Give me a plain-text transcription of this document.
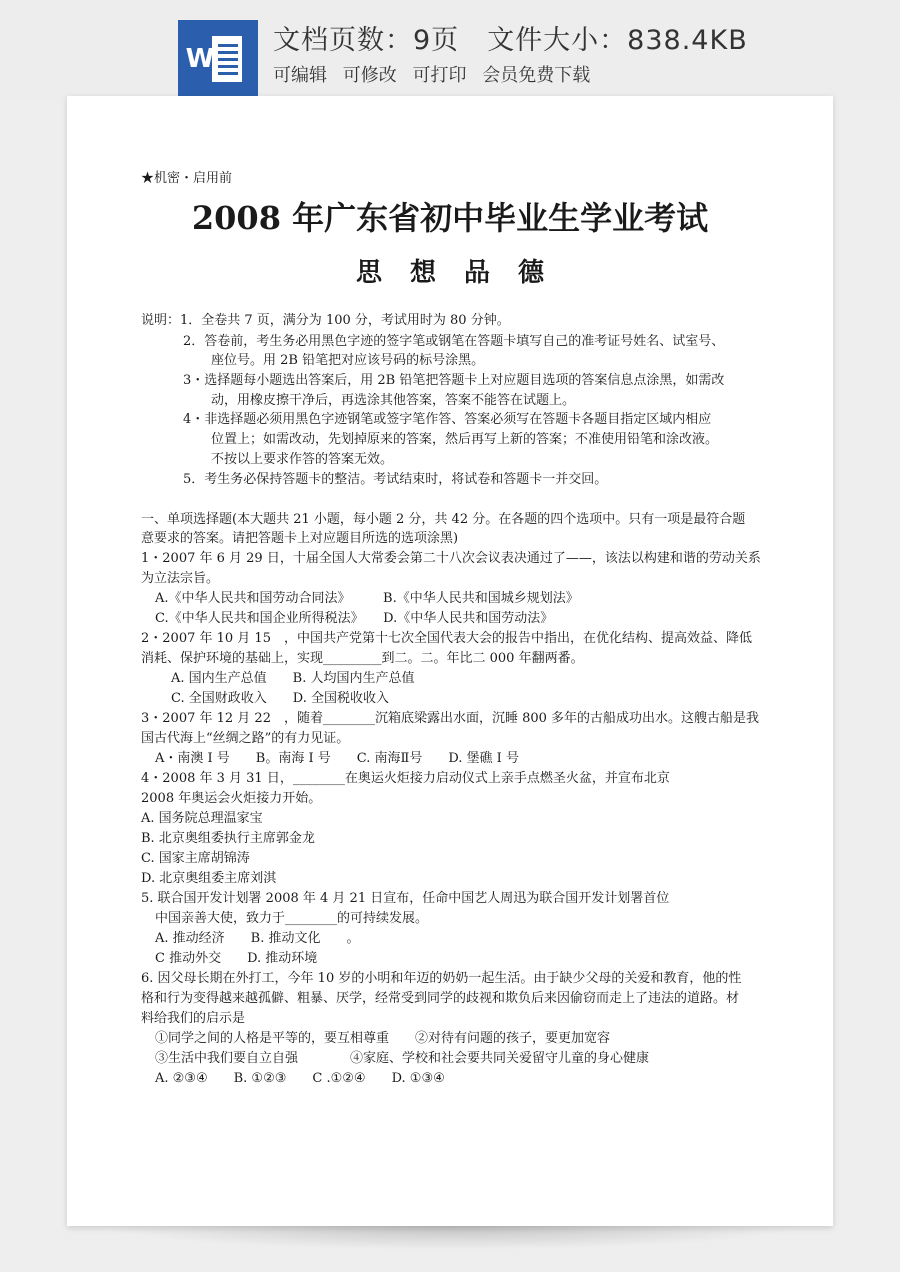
W
文档页数：9页 文件大小：838.4KB
可编辑 可修改 可打印 会员免费下载
★机密・启用前
2008 年广东省初中毕业生学业考试
思想品德
说明：1．全卷共 7 页，满分为 100 分，考试用时为 80 分钟。
2．答卷前，考生务必用黑色字迹的签字笔或钢笔在答题卡填写自己的准考证号姓名、试室号、
座位号。用 2B 铅笔把对应该号码的标号涂黑。
3・选择题每小题选出答案后，用 2B 铅笔把答题卡上对应题目选项的答案信息点涂黑，如需改
动，用橡皮擦干净后，再选涂其他答案，答案不能答在试题上。
4・非选择题必须用黑色字迹钢笔或签字笔作答、答案必须写在答题卡各题目指定区域内相应
位置上；如需改动，先划掉原来的答案，然后再写上新的答案；不准使用铅笔和涂改液。
不按以上要求作答的答案无效。
5．考生务必保持答题卡的整洁。考试结束时，将试卷和答题卡一并交回。
一、单项选择题(本大题共 21 小题，每小题 2 分，共 42 分。在各题的四个选项中。只有一项是最符合题
意要求的答案。请把答题卡上对应题目所选的选项涂黑)
1・2007 年 6 月 29 日，十届全国人大常委会第二十八次会议表决通过了——，该法以构建和谐的劳动关系
为立法宗旨。
A.《中华人民共和国劳动合同法》　　　B.《中华人民共和国城乡规划法》
C.《中华人民共和国企业所得税法》　　D.《中华人民共和国劳动法》
2・2007 年 10 月 15　，中国共产党第十七次全国代表大会的报告中指出，在优化结构、提高效益、降低
消耗、保护环境的基础上，实现_________到二。二。年比二 000 年翻两番。
A. 国内生产总值　　B. 人均国内生产总值
C. 全国财政收入　　D. 全国税收收入
3・2007 年 12 月 22　，随着________沉箱底梁露出水面，沉睡 800 多年的古船成功出水。这艘古船是我
国古代海上“丝绸之路”的有力见证。
A・南澳 I 号　　B。南海 I 号　　C. 南海Ⅱ号　　D. 堡礁 I 号
4・2008 年 3 月 31 日，________在奥运火炬接力启动仪式上亲手点燃圣火盆，并宣布北京
2008 年奥运会火炬接力开始。
A. 国务院总理温家宝
B. 北京奥组委执行主席郭金龙
C. 国家主席胡锦涛
D. 北京奥组委主席刘淇
5. 联合国开发计划署 2008 年 4 月 21 日宣布，任命中国艺人周迅为联合国开发计划署首位
中国亲善大使，致力于________的可持续发展。
A. 推动经济　　B. 推动文化　　。
C 推动外交　　D. 推动环境
6. 因父母长期在外打工，今年 10 岁的小明和年迈的奶奶一起生活。由于缺少父母的关爱和教育，他的性
格和行为变得越来越孤僻、粗暴、厌学，经常受到同学的歧视和欺负后来因偷窃而走上了违法的道路。材
料给我们的启示是
①同学之间的人格是平等的，要互相尊重　　②对待有问题的孩子，要更加宽容
③生活中我们要自立自强　　　　④家庭、学校和社会要共同关爱留守儿童的身心健康
A. ②③④　　B. ①②③　　C .①②④　　D. ①③④
